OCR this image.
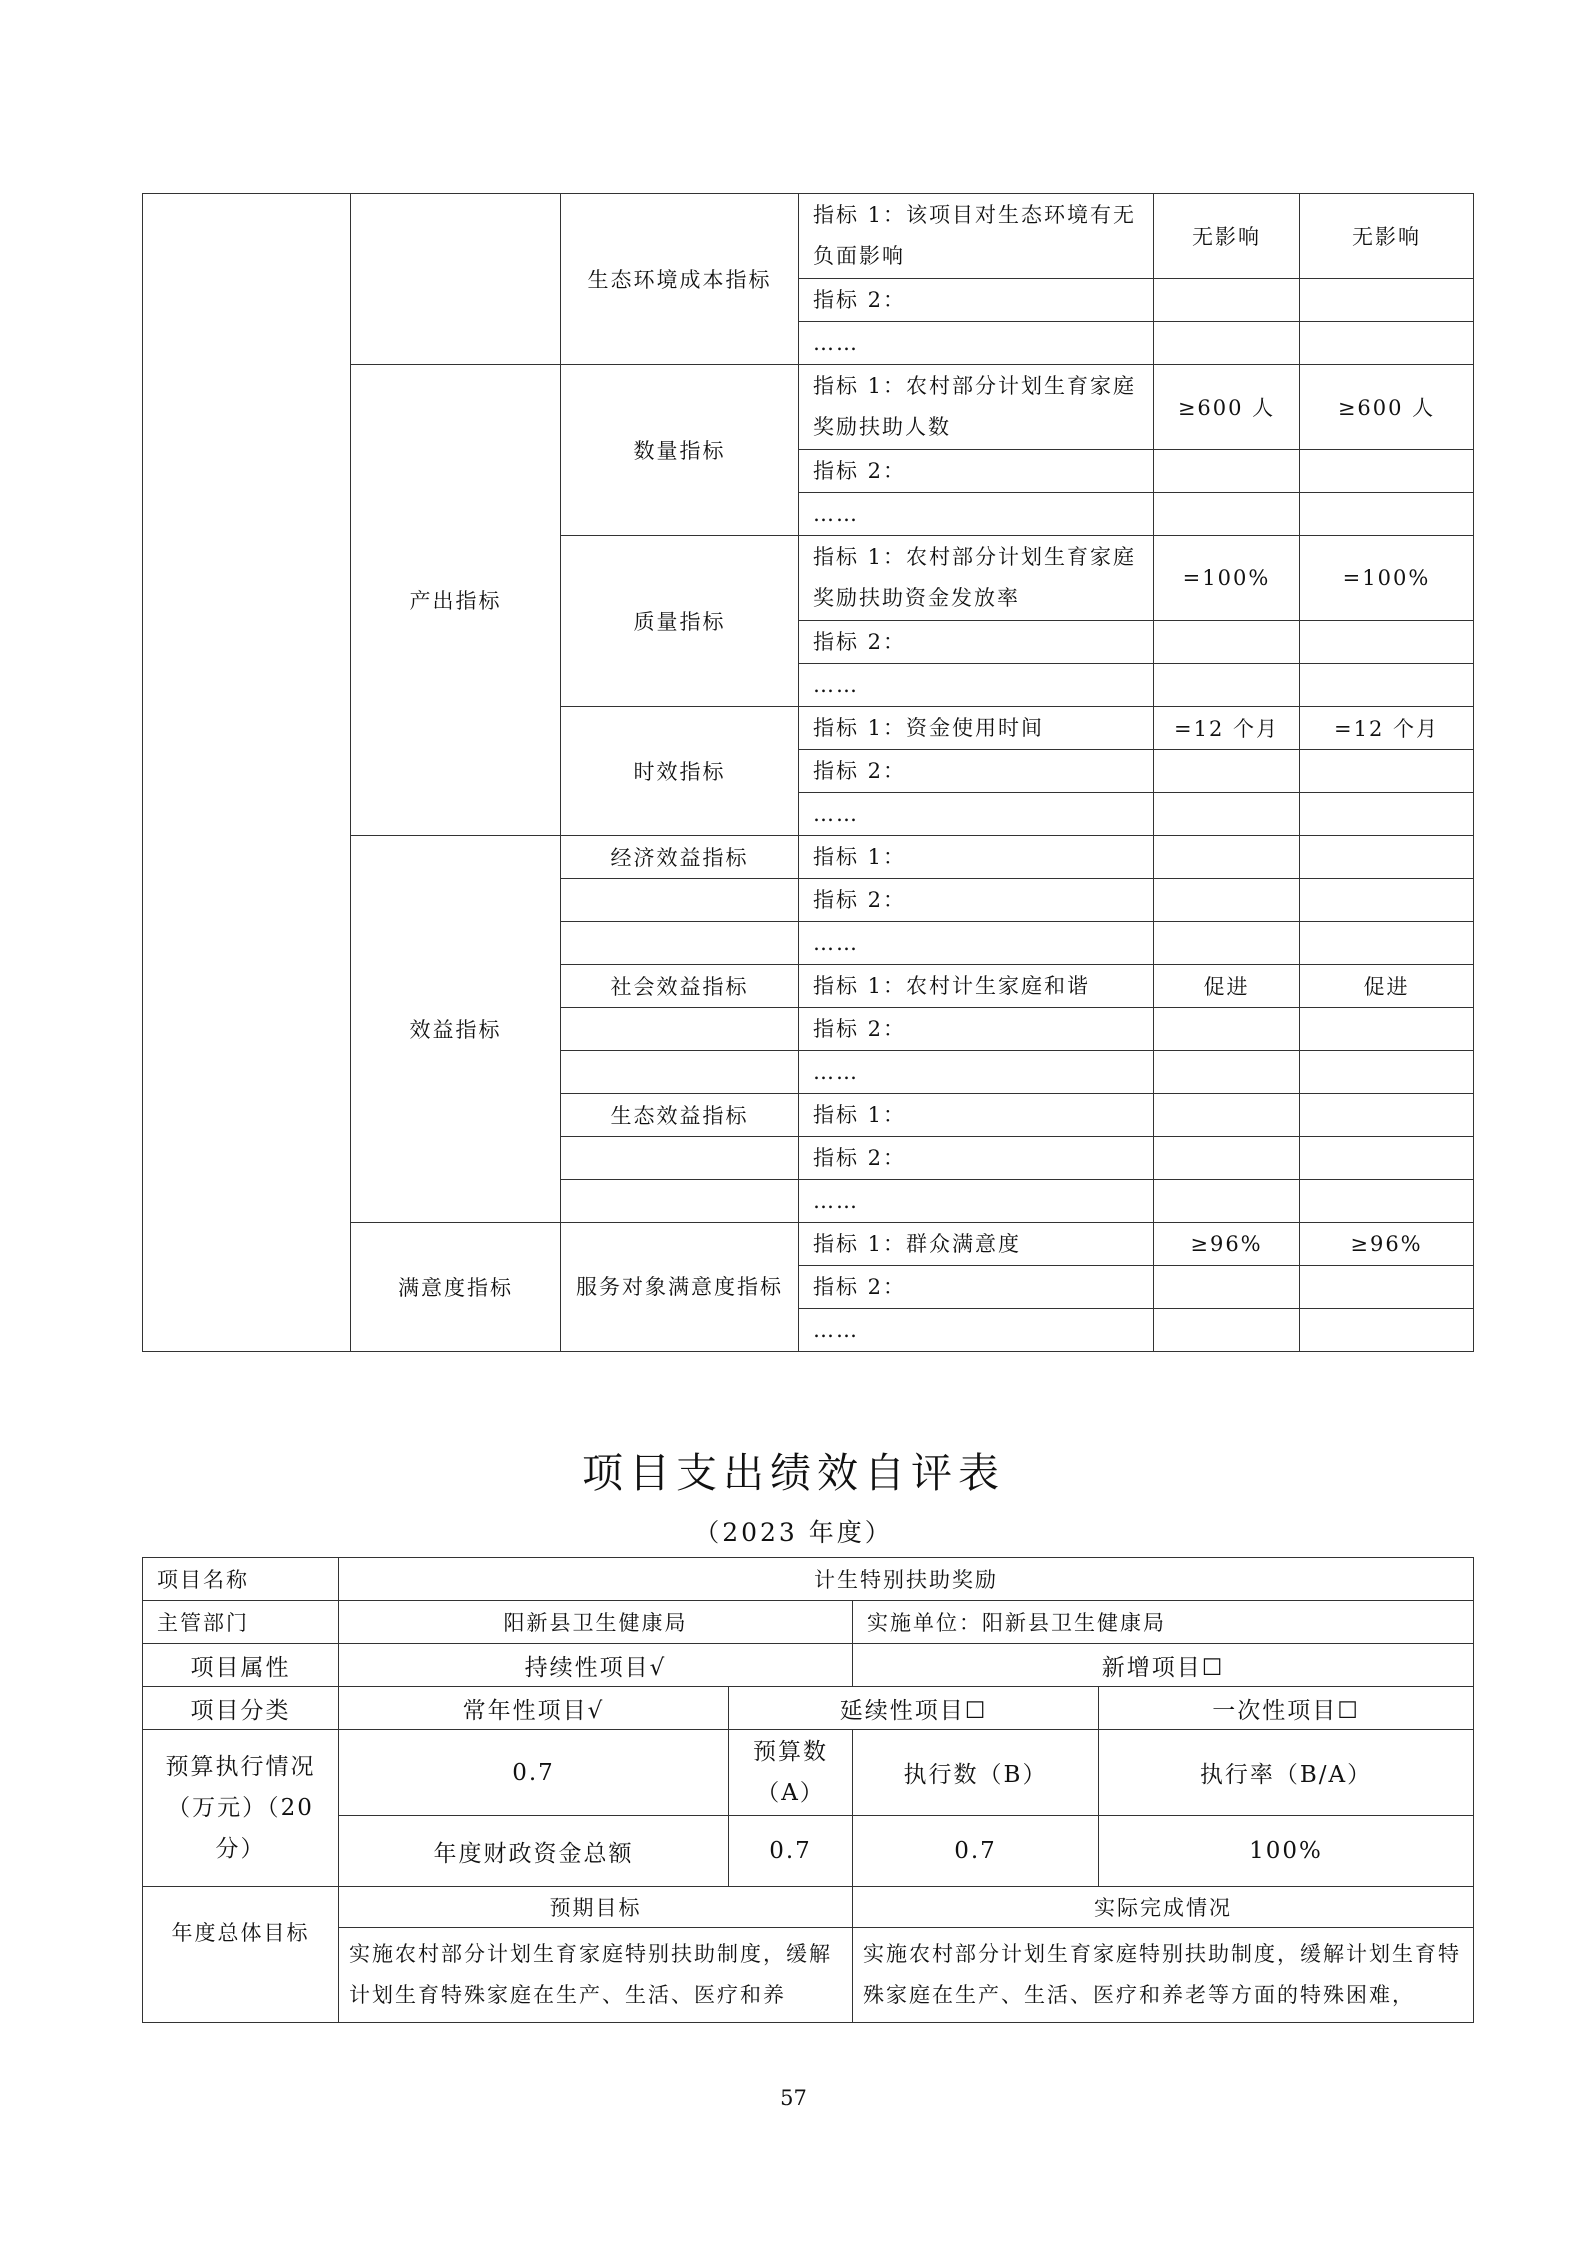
		生态环境成本指标	指标 1：该项目对生态环境有无负面影响	无影响	无影响
			指标 2：		
			……		
	产出指标	数量指标	指标 1：农村部分计划生育家庭奖励扶助人数	≥600 人	≥600 人
			指标 2：		
			……		
		质量指标	指标 1：农村部分计划生育家庭奖励扶助资金发放率	=100%	=100%
			指标 2：		
			……		
		时效指标	指标 1：资金使用时间	=12 个月	=12 个月
			指标 2：		
			……		
	效益指标	经济效益指标	指标 1：		
			指标 2：		
			……		
		社会效益指标	指标 1：农村计生家庭和谐	促进	促进
			指标 2：		
			……		
		生态效益指标	指标 1：		
			指标 2：		
			……		
	满意度指标	服务对象满意度指标	指标 1：群众满意度	≥96%	≥96%
			指标 2：		
			……		
项目支出绩效自评表
（2023 年度）
项目名称	计生特别扶助奖励			
主管部门	阳新县卫生健康局		实施单位：阳新县卫生健康局	
项目属性	持续性项目√		新增项目☐	
项目分类	常年性项目√	延续性项目☐		一次性项目☐
预算执行情况（万元）（20 分）	0.7	预算数（A）	执行数（B）	执行率（B/A）
	年度财政资金总额	0.7	0.7	100%
年度总体目标	预期目标		实际完成情况	
	实施农村部分计划生育家庭特别扶助制度，缓解计划生育特殊家庭在生产、生活、医疗和养		实施农村部分计划生育家庭特别扶助制度，缓解计划生育特殊家庭在生产、生活、医疗和养老等方面的特殊困难，	
57
